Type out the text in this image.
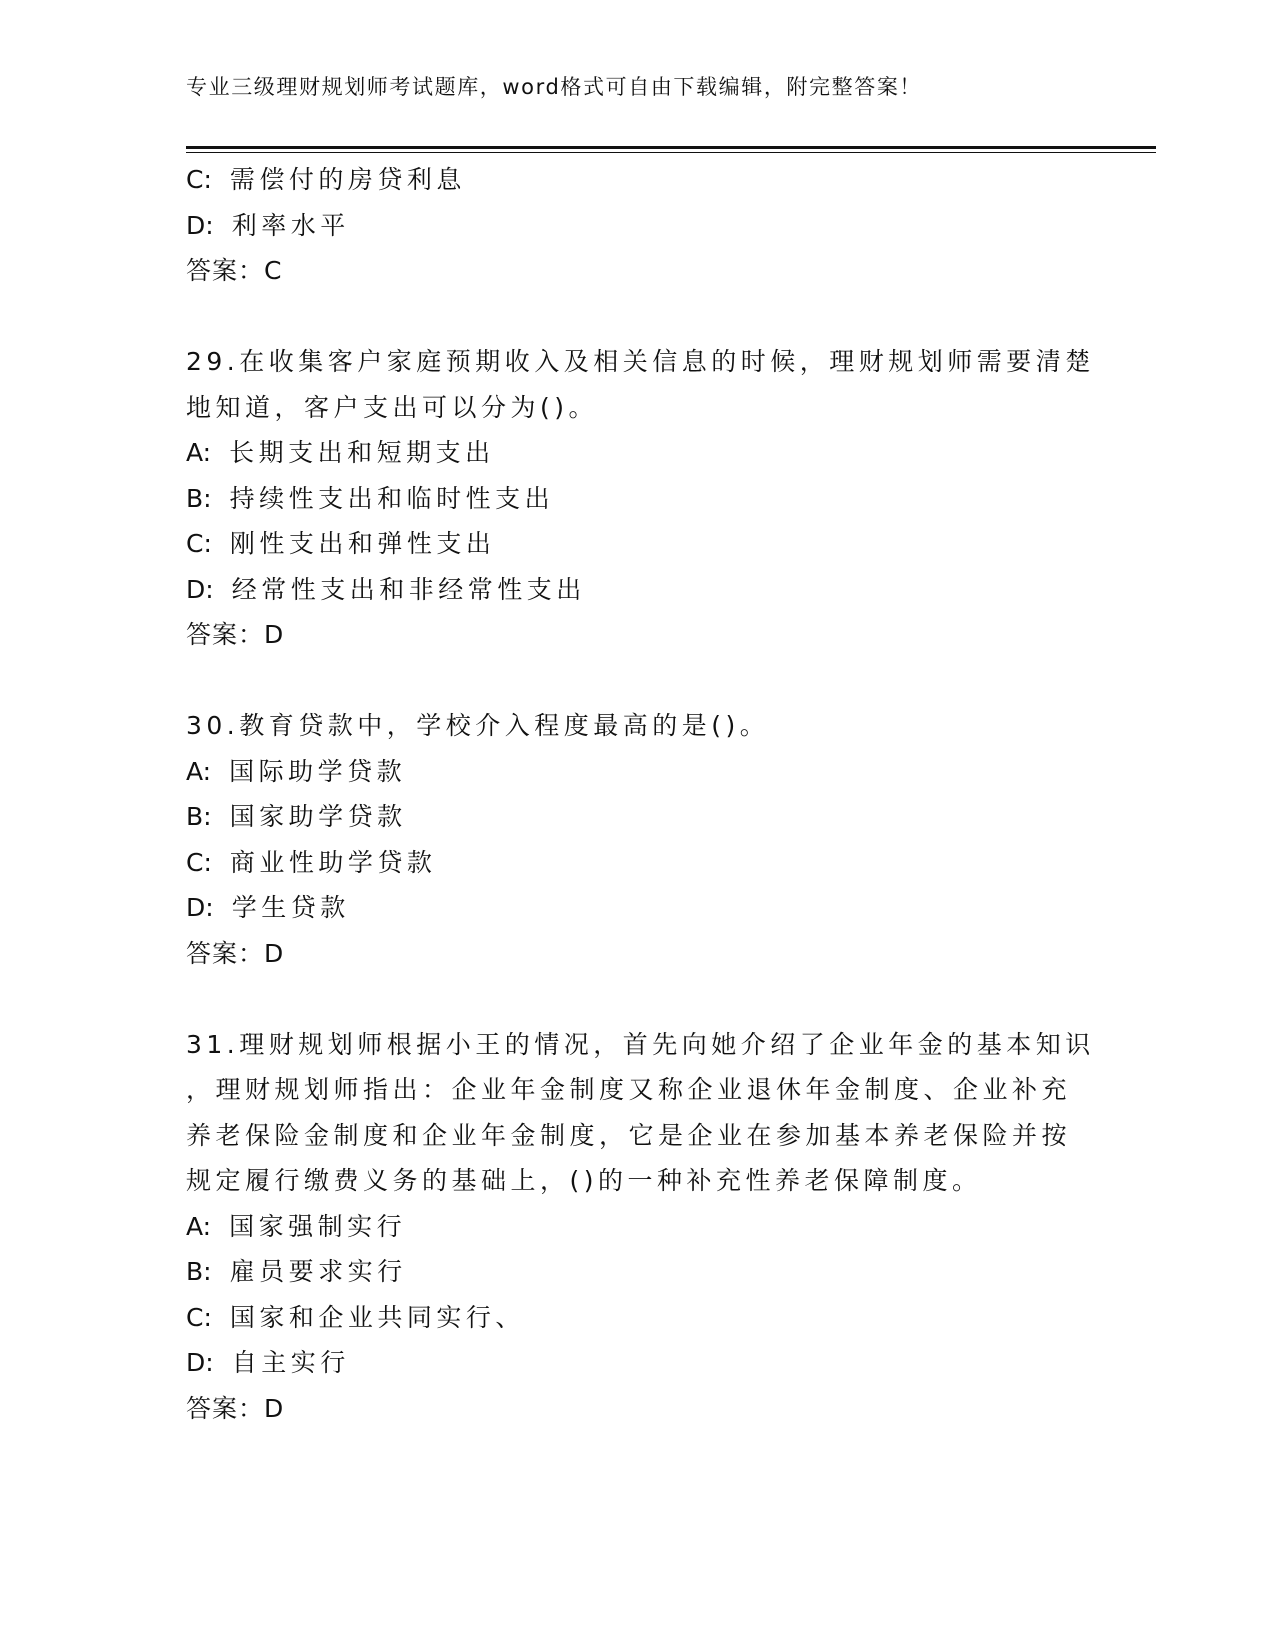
专业三级理财规划师考试题库，word格式可自由下载编辑，附完整答案！

C: 需偿付的房贷利息

D: 利率水平

答案：C

29.在收集客户家庭预期收入及相关信息的时候，理财规划师需要清楚

地知道，客户支出可以分为()。

A: 长期支出和短期支出

B: 持续性支出和临时性支出

C: 刚性支出和弹性支出

D: 经常性支出和非经常性支出

答案：D

30.教育贷款中，学校介入程度最高的是()。

A: 国际助学贷款

B: 国家助学贷款

C: 商业性助学贷款

D: 学生贷款

答案：D

31.理财规划师根据小王的情况，首先向她介绍了企业年金的基本知识

，理财规划师指出：企业年金制度又称企业退休年金制度、企业补充

养老保险金制度和企业年金制度，它是企业在参加基本养老保险并按

规定履行缴费义务的基础上，()的一种补充性养老保障制度。

A: 国家强制实行

B: 雇员要求实行

C: 国家和企业共同实行、

D: 自主实行

答案：D
